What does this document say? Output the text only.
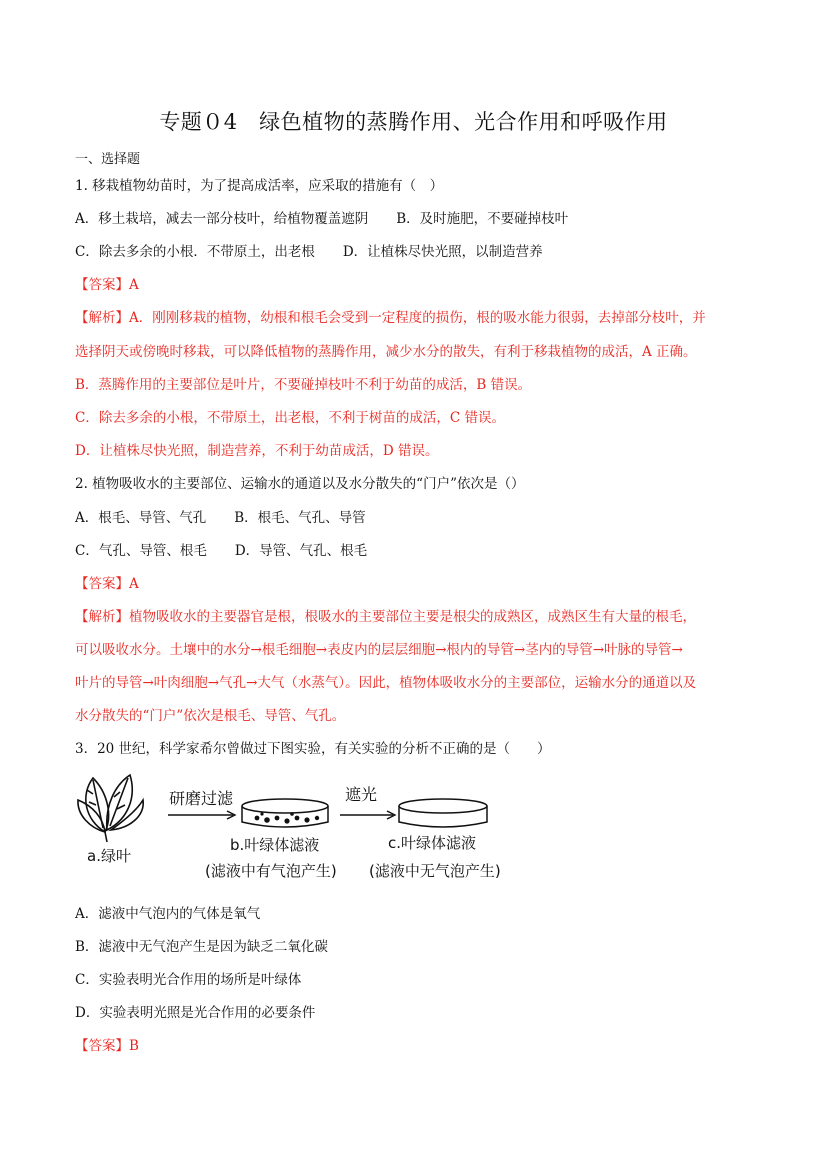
专题０4　绿色植物的蒸腾作用、光合作用和呼吸作用
一、选择题
1. 移栽植物幼苗时，为了提高成活率，应采取的措施有（　）
A．移土栽培，减去一部分枝叶，给植物覆盖遮阴 B．及时施肥，不要碰掉枝叶
C．除去多余的小根．不带原土，出老根 D．让植株尽快光照，以制造营养
【答案】A
【解析】A．刚刚移栽的植物，幼根和根毛会受到一定程度的损伤，根的吸水能力很弱，去掉部分枝叶，并
选择阴天或傍晚时移栽，可以降低植物的蒸腾作用，减少水分的散失，有利于移栽植物的成活，A 正确。
B．蒸腾作用的主要部位是叶片，不要碰掉枝叶不利于幼苗的成活，B 错误。
C．除去多余的小根，不带原土，出老根，不利于树苗的成活，C 错误。
D．让植株尽快光照，制造营养，不利于幼苗成活，D 错误。
2. 植物吸收水的主要部位、运输水的通道以及水分散失的“门户”依次是（）
A．根毛、导管、气孔 B．根毛、气孔、导管
C．气孔、导管、根毛 D．导管、气孔、根毛
【答案】A
【解析】植物吸收水的主要器官是根，根吸水的主要部位主要是根尖的成熟区，成熟区生有大量的根毛，
可以吸收水分。土壤中的水分→根毛细胞→表皮内的层层细胞→根内的导管→茎内的导管→叶脉的导管→
叶片的导管→叶肉细胞→气孔→大气（水蒸气）。因此，植物体吸收水分的主要部位，运输水分的通道以及
水分散失的“门户”依次是根毛、导管、气孔。
3．20 世纪，科学家希尔曾做过下图实验，有关实验的分析不正确的是（　　）
研磨过滤	遮光
a.绿叶
b.叶绿体滤液
(滤液中有气泡产生)
c.叶绿体滤液
(滤液中无气泡产生)
A．滤液中气泡内的气体是氧气
B．滤液中无气泡产生是因为缺乏二氧化碳
C．实验表明光合作用的场所是叶绿体
D．实验表明光照是光合作用的必要条件
【答案】B
